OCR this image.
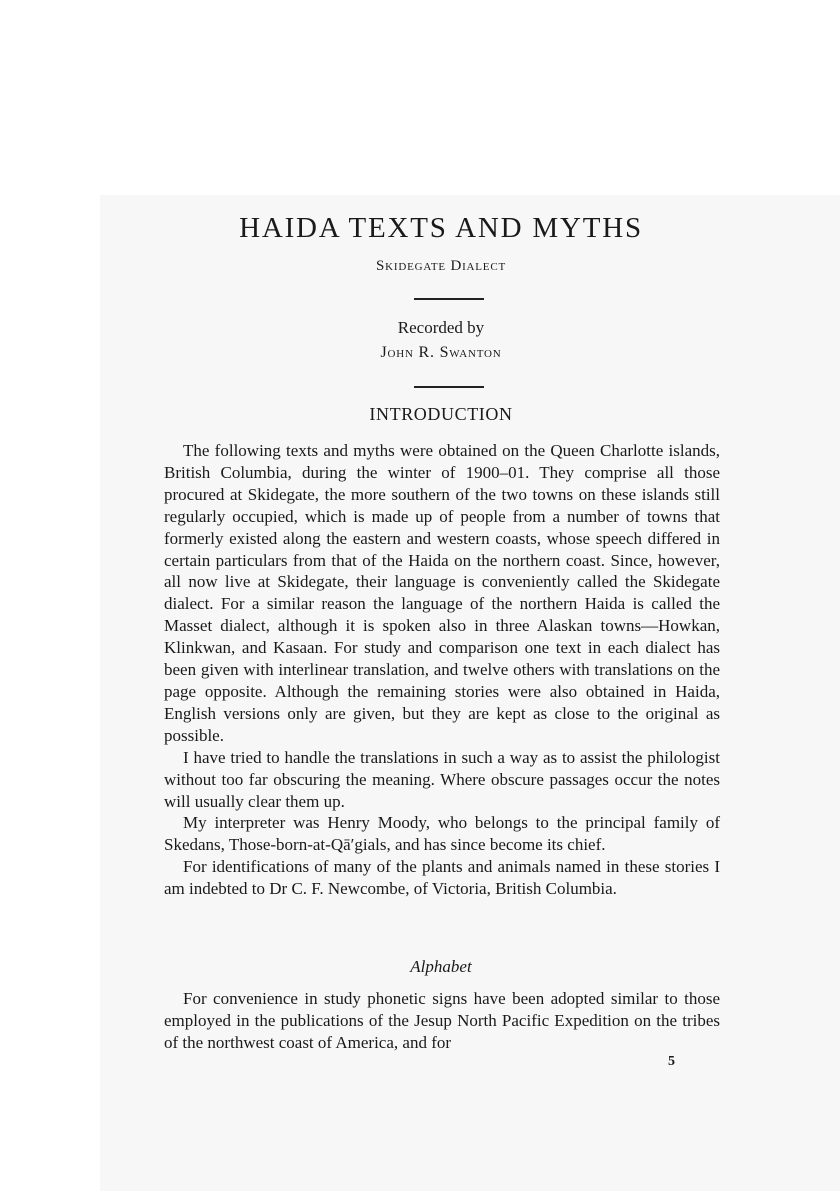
HAIDA TEXTS AND MYTHS
Skidegate Dialect
Recorded by
John R. Swanton
INTRODUCTION

The following texts and myths were obtained on the Queen Charlotte islands, British Columbia, during the winter of 1900–01. They comprise all those procured at Skidegate, the more southern of the two towns on these islands still regularly occupied, which is made up of people from a number of towns that formerly existed along the eastern and western coasts, whose speech differed in certain particulars from that of the Haida on the northern coast. Since, however, all now live at Skidegate, their language is conveniently called the Skidegate dialect. For a similar reason the language of the northern Haida is called the Masset dialect, although it is spoken also in three Alaskan towns—Howkan, Klinkwan, and Kasaan. For study and comparison one text in each dialect has been given with interlinear translation, and twelve others with translations on the page opposite. Although the remaining stories were also obtained in Haida, English versions only are given, but they are kept as close to the original as possible.

I have tried to handle the translations in such a way as to assist the philologist without too far obscuring the meaning. Where obscure passages occur the notes will usually clear them up.

My interpreter was Henry Moody, who belongs to the principal family of Skedans, Those-born-at-Qā′gials, and has since become its chief.

For identifications of many of the plants and animals named in these stories I am indebted to Dr C. F. Newcombe, of Victoria, British Columbia.

Alphabet

For convenience in study phonetic signs have been adopted similar to those employed in the publications of the Jesup North Pacific Expedition on the tribes of the northwest coast of America, and for

5
